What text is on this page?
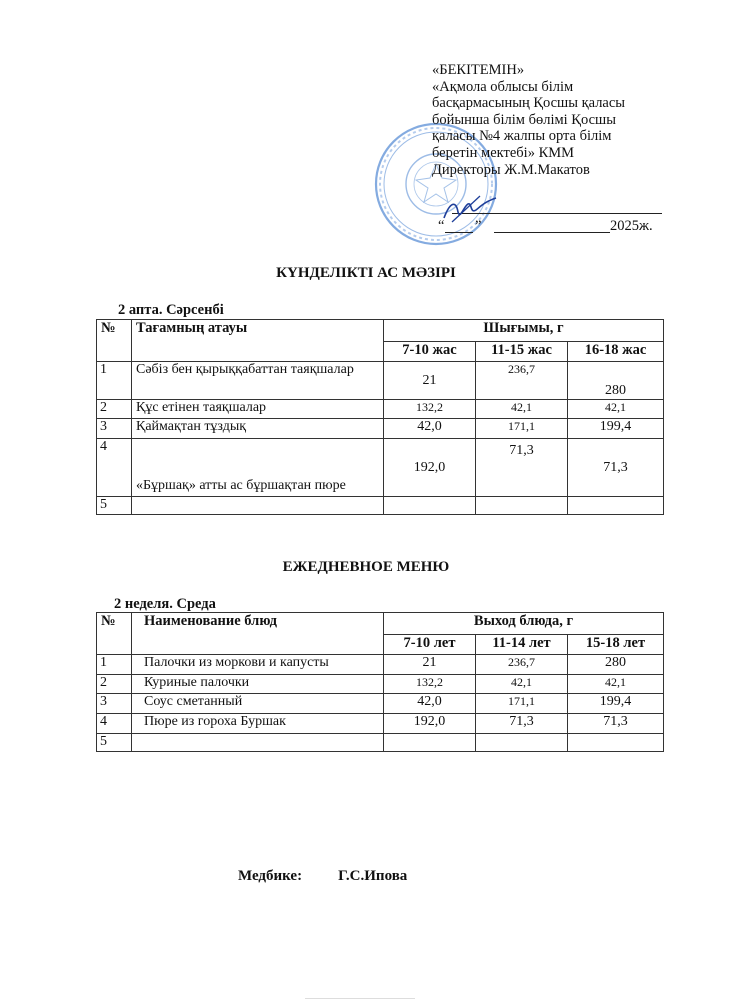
«БЕКІТЕМІН»
«Ақмола облысы білім
басқармасының Қосшы қаласы
бойынша білім бөлімі Қосшы
қаласы №4 жалпы орта білім
беретін мектебі» КММ
Директоры Ж.М.Макатов
“ ”	2025ж.
КҮНДЕЛІКТІ АС МӘЗІРІ
2 апта. Сәрсенбі
№	Тағамның атауы	Шығымы, г		
		7-10 жас	11-15 жас	16-18 жас
1	Сәбіз бен қырыққабаттан таяқшалар	21	236,7	280
2	Құс етінен таяқшалар	132,2	42,1	42,1
3	Қаймақтан тұздық	42,0	171,1	199,4
4	«Бұршақ» атты ас бұршақтан пюре	192,0	71,3	71,3
5				
ЕЖЕДНЕВНОЕ МЕНЮ
2 неделя. Среда
№	Наименование блюд	Выход блюда, г		
		7-10 лет	11-14 лет	15-18 лет
1	Палочки из моркови и капусты	21	236,7	280
2	Куриные палочки	132,2	42,1	42,1
3	Соус сметанный	42,0	171,1	199,4
4	Пюре из гороха Буршак	192,0	71,3	71,3
5				
Медбике: Г.С.Ипова
